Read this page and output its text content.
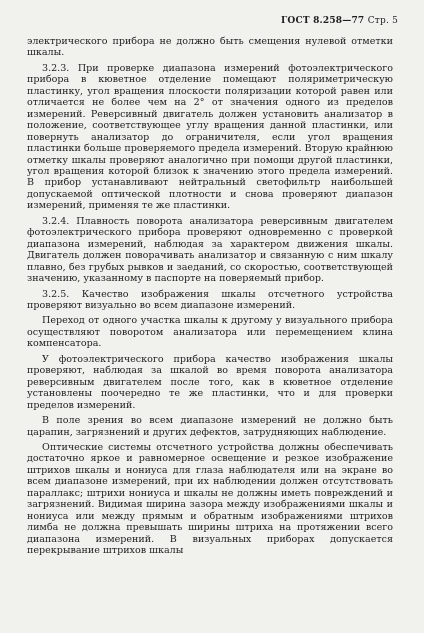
ГОСТ 8.258—77 Стр. 5

электрического прибора не должно быть смещения нулевой отметки шкалы.

3.2.3. При проверке диапазона измерений фотоэлектрического прибора в кюветное отделение помещают поляриметрическую пластинку, угол вращения плоскости поляризации которой равен или отличается не более чем на 2° от значения одного из пределов измерений. Реверсивный двигатель должен установить анализатор в положение, соответствующее углу вращения данной пластинки, или повернуть анализатор до ограничителя, если угол вращения пластинки больше проверяемого предела измерений. Вторую крайнюю отметку шкалы проверяют аналогично при помощи другой пластинки, угол вращения которой близок к значению этого предела измерений. В прибор устанавливают нейтральный светофильтр наибольшей допускаемой оптической плотности и снова проверяют диапазон измерений, применяя те же пластинки.

3.2.4. Плавность поворота анализатора реверсивным двигателем фотоэлектрического прибора проверяют одновременно с проверкой диапазона измерений, наблюдая за характером движения шкалы. Двигатель должен поворачивать анализатор и связанную с ним шкалу плавно, без грубых рывков и заеданий, со скоростью, соответствующей значению, указанному в паспорте на поверяемый прибор.

3.2.5. Качество изображения шкалы отсчетного устройства проверяют визуально во всем диапазоне измерений.

Переход от одного участка шкалы к другому у визуального прибора осуществляют поворотом анализатора или перемещением клина компенсатора.

У фотоэлектрического прибора качество изображения шкалы проверяют, наблюдая за шкалой во время поворота анализатора реверсивным двигателем после того, как в кюветное отделение установлены поочередно те же пластинки, что и для проверки пределов измерений.

В поле зрения во всем диапазоне измерений не должно быть царапин, загрязнений и других дефектов, затрудняющих наблюдение.

Оптические системы отсчетного устройства должны обеспечивать достаточно яркое и равномерное освещение и резкое изображение штрихов шкалы и нониуса для глаза наблюдателя или на экране во всем диапазоне измерений, при их наблюдении должен отсутствовать параллакс; штрихи нониуса и шкалы не должны иметь повреждений и загрязнений. Видимая ширина зазора между изображениями шкалы и нониуса или между прямым и обратным изображениями штрихов лимба не должна превышать ширины штриха на протяжении всего диапазона измерений. В визуальных приборах допускается перекрывание штрихов шкалы
